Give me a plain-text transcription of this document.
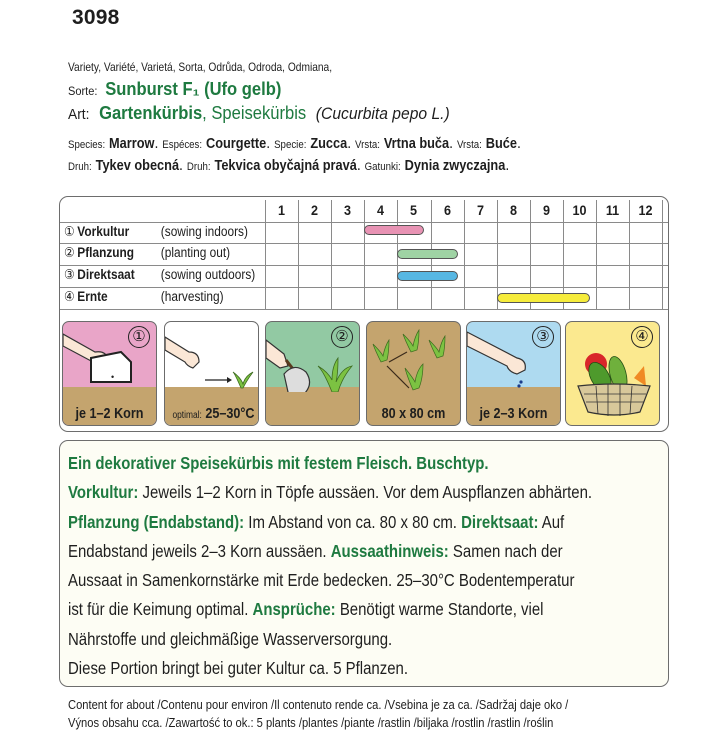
3098
Variety, Variété, Varietá, Sorta, Odrůda, Odroda, Odmiana,
Sorte: Sunburst F₁ (Ufo gelb)
Art: Gartenkürbis, Speisekürbis (Cucurbita pepo L.)
Species: Marrow. Espéces: Courgette. Specie: Zucca. Vrsta: Vrtna buča. Vrsta: Buće.
Druh: Tykev obecná. Druh: Tekvica obyčajná pravá. Gatunki: Dynia zwyczajna.
1	2	3	4	5	6	7	8	9	10	11	12
① Vorkultur (sowing indoors)
② Pflanzung (planting out)
③ Direktsaat (sowing outdoors)
④ Ernte	(harvesting)
•
①
je 1–2 Korn	optimal: 25–30°C
②
80 x 80 cm
③
je 2–3 Korn
④

Ein dekorativer Speisekürbis mit festem Fleisch. Buschtyp.

Vorkultur: Jeweils 1–2 Korn in Töpfe aussäen. Vor dem Auspflanzen abhärten.

Pflanzung (Endabstand): Im Abstand von ca. 80 x 80 cm. Direktsaat: Auf

Endabstand jeweils 2–3 Korn aussäen. Aussaathinweis: Samen nach der

Aussaat in Samenkornstärke mit Erde bedecken. 25–30°C Bodentemperatur

ist für die Keimung optimal. Ansprüche: Benötigt warme Standorte, viel

Nährstoffe und gleichmäßige Wasserversorgung.

Diese Portion bringt bei guter Kultur ca. 5 Pflanzen.

Content for about /Contenu pour environ /Il contenuto rende ca. /Vsebina je za ca. /Sadržaj daje oko /
Výnos obsahu cca. /Zawartość to ok.: 5 plants /plantes /piante /rastlin /biljaka /rostlin /rastlin /roślin
